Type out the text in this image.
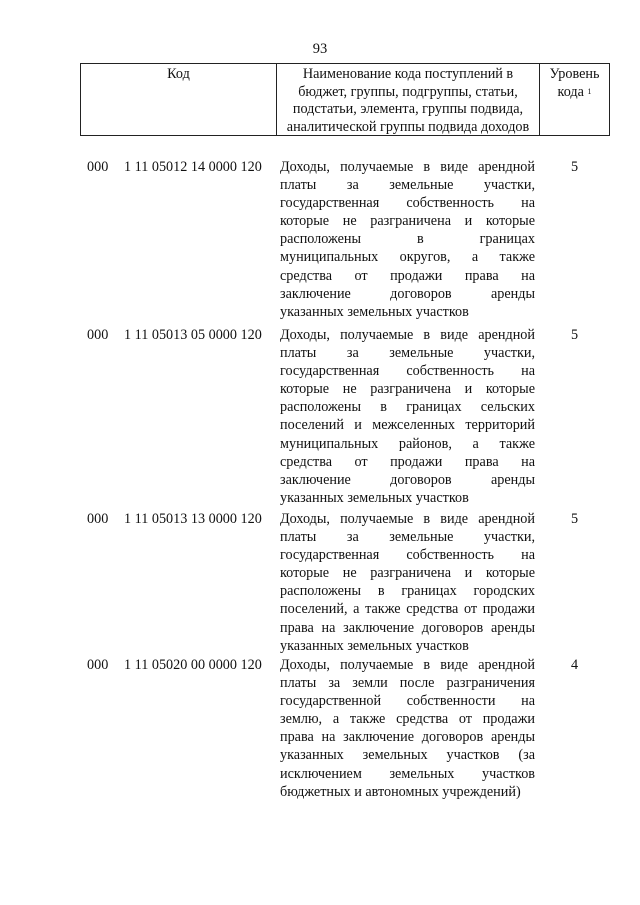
93
Код	Наименование кода поступлений в
бюджет, группы, подгруппы, статьи,
подстатьи, элемента, группы подвида,
аналитической группы подвида доходов
Уровень
кода $^1$
000	1 11 05012 14 0000 120	Доходы, получаемые в виде арендной
платы за земельные участки,
государственная собственность на
которые не разграничена и которые
расположены в границах
муниципальных округов, а также
средства от продажи права на
заключение договоров аренды
указанных земельных участков
5
000	1 11 05013 05 0000 120	Доходы, получаемые в виде арендной
платы за земельные участки,
государственная собственность на
которые не разграничена и которые
расположены в границах сельских
поселений и межселенных территорий
муниципальных районов, а также
средства от продажи права на
заключение договоров аренды
указанных земельных участков
5
000	1 11 05013 13 0000 120	Доходы, получаемые в виде арендной
платы за земельные участки,
государственная собственность на
которые не разграничена и которые
расположены в границах городских
поселений, а также средства от продажи
права на заключение договоров аренды
указанных земельных участков
5
000	1 11 05020 00 0000 120	Доходы, получаемые в виде арендной
платы за земли после разграничения
государственной собственности на
землю, а также средства от продажи
права на заключение договоров аренды
указанных земельных участков (за
исключением земельных участков
бюджетных и автономных учреждений)
4
